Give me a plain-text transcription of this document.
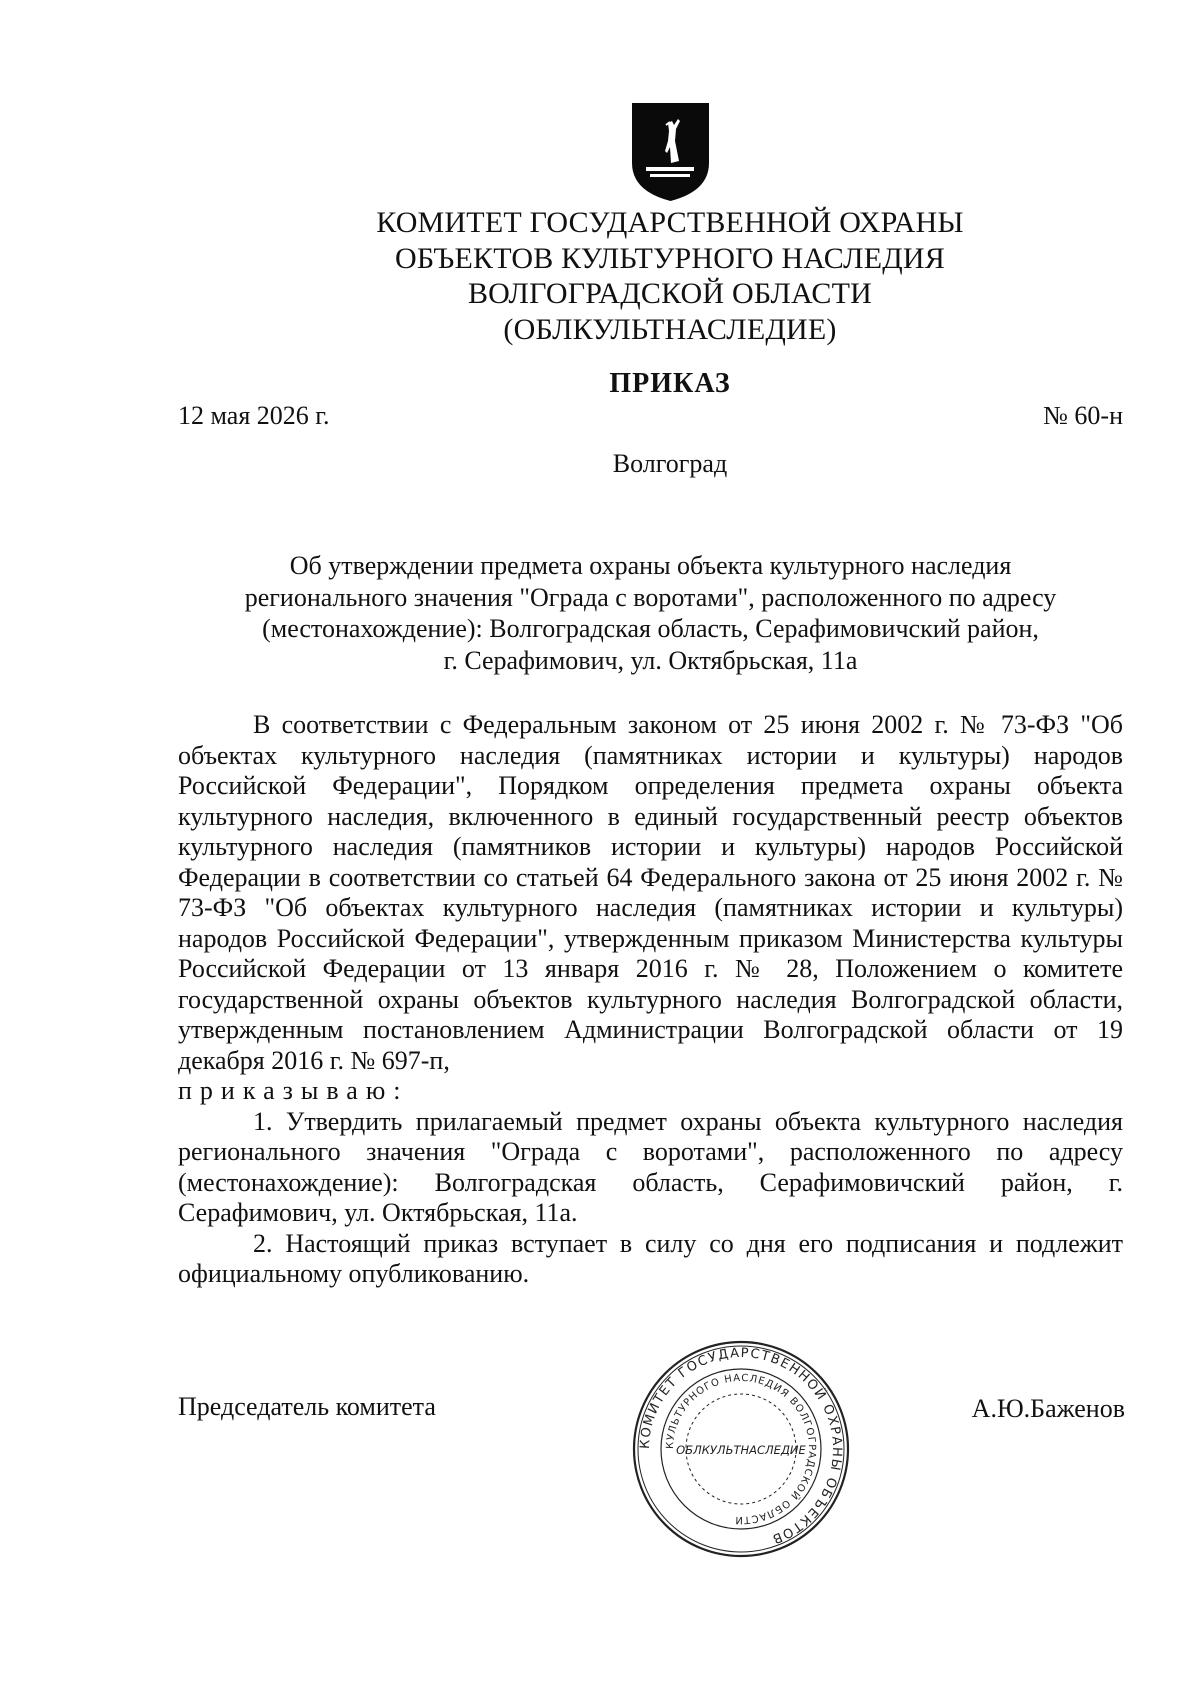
КОМИТЕТ ГОСУДАРСТВЕННОЙ ОХРАНЫ
ОБЪЕКТОВ КУЛЬТУРНОГО НАСЛЕДИЯ
ВОЛГОГРАДСКОЙ ОБЛАСТИ
(ОБЛКУЛЬТНАСЛЕДИЕ)
ПРИКАЗ
12 мая 2026 г.	№ 60-н
Волгоград
Об утверждении предмета охраны объекта культурного наследия
регионального значения "Ограда с воротами", расположенного по адресу
(местонахождение): Волгоградская область, Серафимовичский район,
г. Серафимович, ул. Октябрьская, 11а

В соответствии с Федеральным законом от 25 июня 2002 г. № 73-ФЗ "Об объектах культурного наследия (памятниках истории и культуры) народов Российской Федерации", Порядком определения предмета охраны объекта культурного наследия, включенного в единый государственный реестр объектов культурного наследия (памятников истории и культуры) народов Российской Федерации в соответствии со статьей 64 Федерального закона от 25 июня 2002 г. № 73-ФЗ "Об объектах культурного наследия (памятниках истории и культуры) народов Российской Федерации", утвержденным приказом Министерства культуры Российской Федерации от 13 января 2016 г. № 28, Положением о комитете государственной охраны объектов культурного наследия Волгоградской области, утвержденным постановлением Администрации Волгоградской области от 19 декабря 2016 г. № 697-п,

приказываю:

1. Утвердить прилагаемый предмет охраны объекта культурного наследия регионального значения "Ограда с воротами", расположенного по адресу (местонахождение): Волгоградская область, Серафимовичский район, г. Серафимович, ул. Октябрьская, 11а.

2. Настоящий приказ вступает в силу со дня его подписания и подлежит официальному опубликованию.

Председатель комитета	А.Ю.Баженов
КОМИТЕТ ГОСУДАРСТВЕННОЙ ОХРАНЫ ОБЪЕКТОВ
КУЛЬТУРНОГО НАСЛЕДИЯ ВОЛГОГРАДСКОЙ ОБЛАСТИ
ОБЛКУЛЬТНАСЛЕДИЕ
